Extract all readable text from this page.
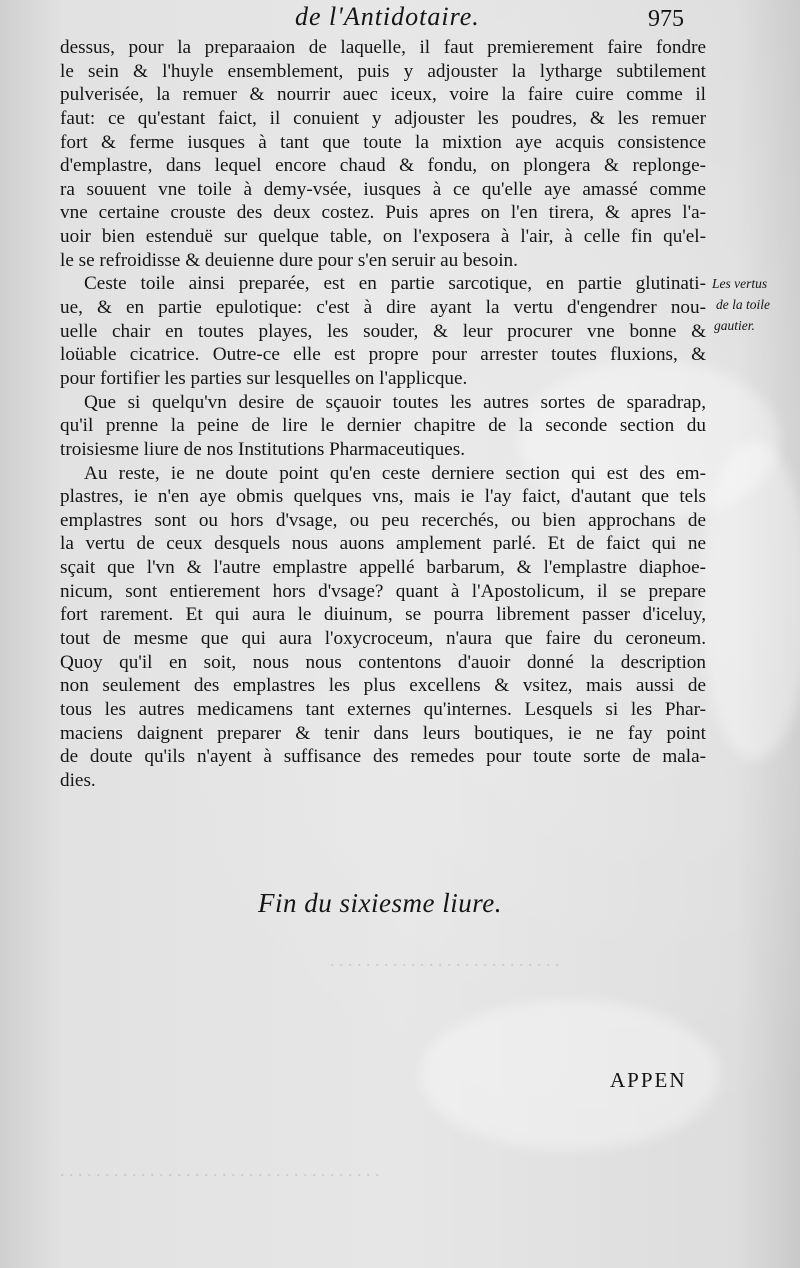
. . . . . . . . . . . . . . . . . . . . . . . . . .
. . . . . . . . . . . . . . . . . . . . . . . . . . . . . . . . . . . .
de l'Antidotaire.	975
dessus, pour la preparaaion de laquelle, il faut premierement faire fondre
le sein & l'huyle ensemblement, puis y adjouster la lytharge subtilement
pulverisée, la remuer & nourrir auec iceux, voire la faire cuire comme il
faut: ce qu'estant faict, il conuient y adjouster les poudres, & les remuer
fort & ferme iusques à tant que toute la mixtion aye acquis consistence
d'emplastre, dans lequel encore chaud & fondu, on plongera & replonge-
ra souuent vne toile à demy-vsée, iusques à ce qu'elle aye amassé comme
vne certaine crouste des deux costez. Puis apres on l'en tirera, & apres l'a-
uoir bien estenduë sur quelque table, on l'exposera à l'air, à celle fin qu'el-
le se refroidisse & deuienne dure pour s'en seruir au besoin.
Ceste toile ainsi preparée, est en partie sarcotique, en partie glutinati-
ue, & en partie epulotique: c'est à dire ayant la vertu d'engendrer nou-
uelle chair en toutes playes, les souder, & leur procurer vne bonne &
loüable cicatrice. Outre-ce elle est propre pour arrester toutes fluxions, &
pour fortifier les parties sur lesquelles on l'applicque.
Que si quelqu'vn desire de sçauoir toutes les autres sortes de sparadrap,
qu'il prenne la peine de lire le dernier chapitre de la seconde section du
troisiesme liure de nos Institutions Pharmaceutiques.
Au reste, ie ne doute point qu'en ceste derniere section qui est des em-
plastres, ie n'en aye obmis quelques vns, mais ie l'ay faict, d'autant que tels
emplastres sont ou hors d'vsage, ou peu recerchés, ou bien approchans de
la vertu de ceux desquels nous auons amplement parlé. Et de faict qui ne
sçait que l'vn & l'autre emplastre appellé barbarum, & l'emplastre diaphoe-
nicum, sont entierement hors d'vsage? quant à l'Apostolicum, il se prepare
fort rarement. Et qui aura le diuinum, se pourra librement passer d'iceluy,
tout de mesme que qui aura l'oxycroceum, n'aura que faire du ceroneum.
Quoy qu'il en soit, nous nous contentons d'auoir donné la description
non seulement des emplastres les plus excellens & vsitez, mais aussi de
tous les autres medicamens tant externes qu'internes. Lesquels si les Phar-
maciens daignent preparer & tenir dans leurs boutiques, ie ne fay point
de doute qu'ils n'ayent à suffisance des remedes pour toute sorte de mala-
dies.
Les vertus
de la toile
gautier.
Fin du sixiesme liure.
APPEN
